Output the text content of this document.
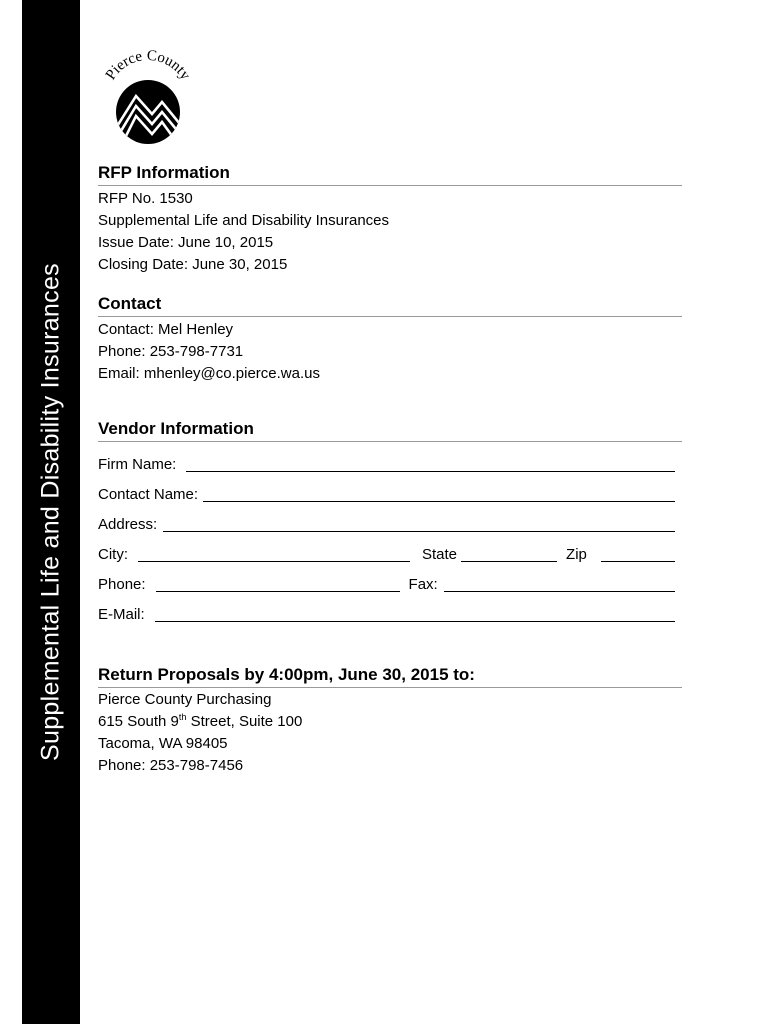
Supplemental Life and Disability Insurances
Pierce County
RFP Information
RFP No. 1530
Supplemental Life and Disability Insurances
Issue Date: June 10, 2015
Closing Date: June 30, 2015
Contact
Contact: Mel Henley
Phone: 253-798-7731
Email: mhenley@co.pierce.wa.us
Vendor Information
Firm Name:
Contact Name:
Address:
City:	State	Zip
Phone:	Fax:
E-Mail:
Return Proposals by 4:00pm, June 30, 2015 to:
Pierce County Purchasing
615 South 9th Street, Suite 100
Tacoma, WA 98405
Phone: 253-798-7456
